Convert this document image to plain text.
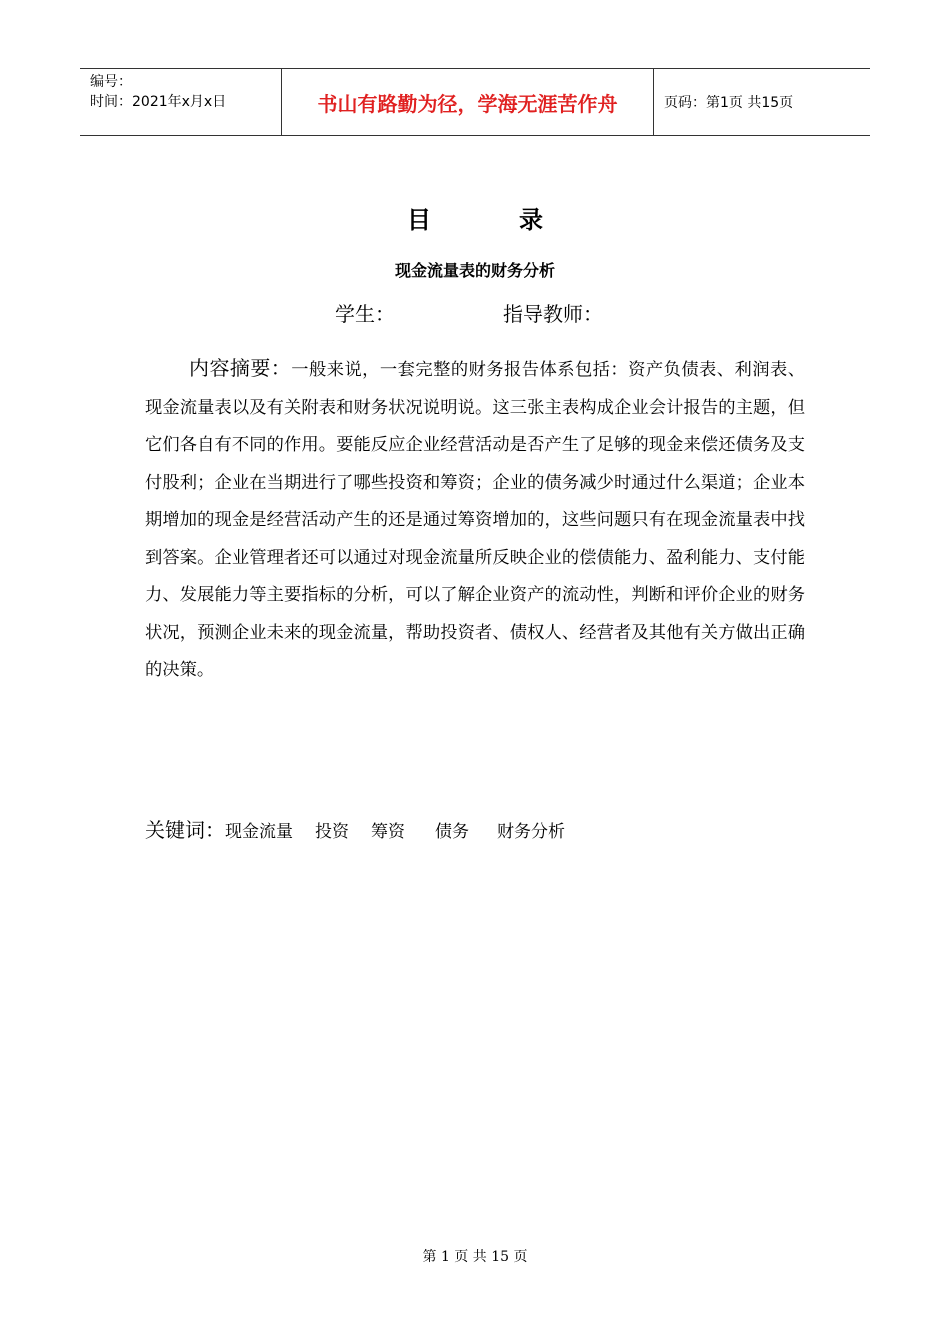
编号：
时间：2021年x月x日	书山有路勤为径，学海无涯苦作舟	页码：第1页 共15页
目录
现金流量表的财务分析
学生：	指导教师：
内容摘要：一般来说，一套完整的财务报告体系包括：资产负债表、利润表、现金流量表以及有关附表和财务状况说明说。这三张主表构成企业会计报告的主题，但它们各自有不同的作用。要能反应企业经营活动是否产生了足够的现金来偿还债务及支付股利；企业在当期进行了哪些投资和筹资；企业的债务减少时通过什么渠道；企业本期增加的现金是经营活动产生的还是通过筹资增加的，这些问题只有在现金流量表中找到答案。企业管理者还可以通过对现金流量所反映企业的偿债能力、盈利能力、支付能力、发展能力等主要指标的分析，可以了解企业资产的流动性，判断和评价企业的财务状况，预测企业未来的现金流量，帮助投资者、债权人、经营者及其他有关方做出正确的决策。
关键词： 现金流量 投资 筹资 债务 财务分析
第 1 页 共 15 页
